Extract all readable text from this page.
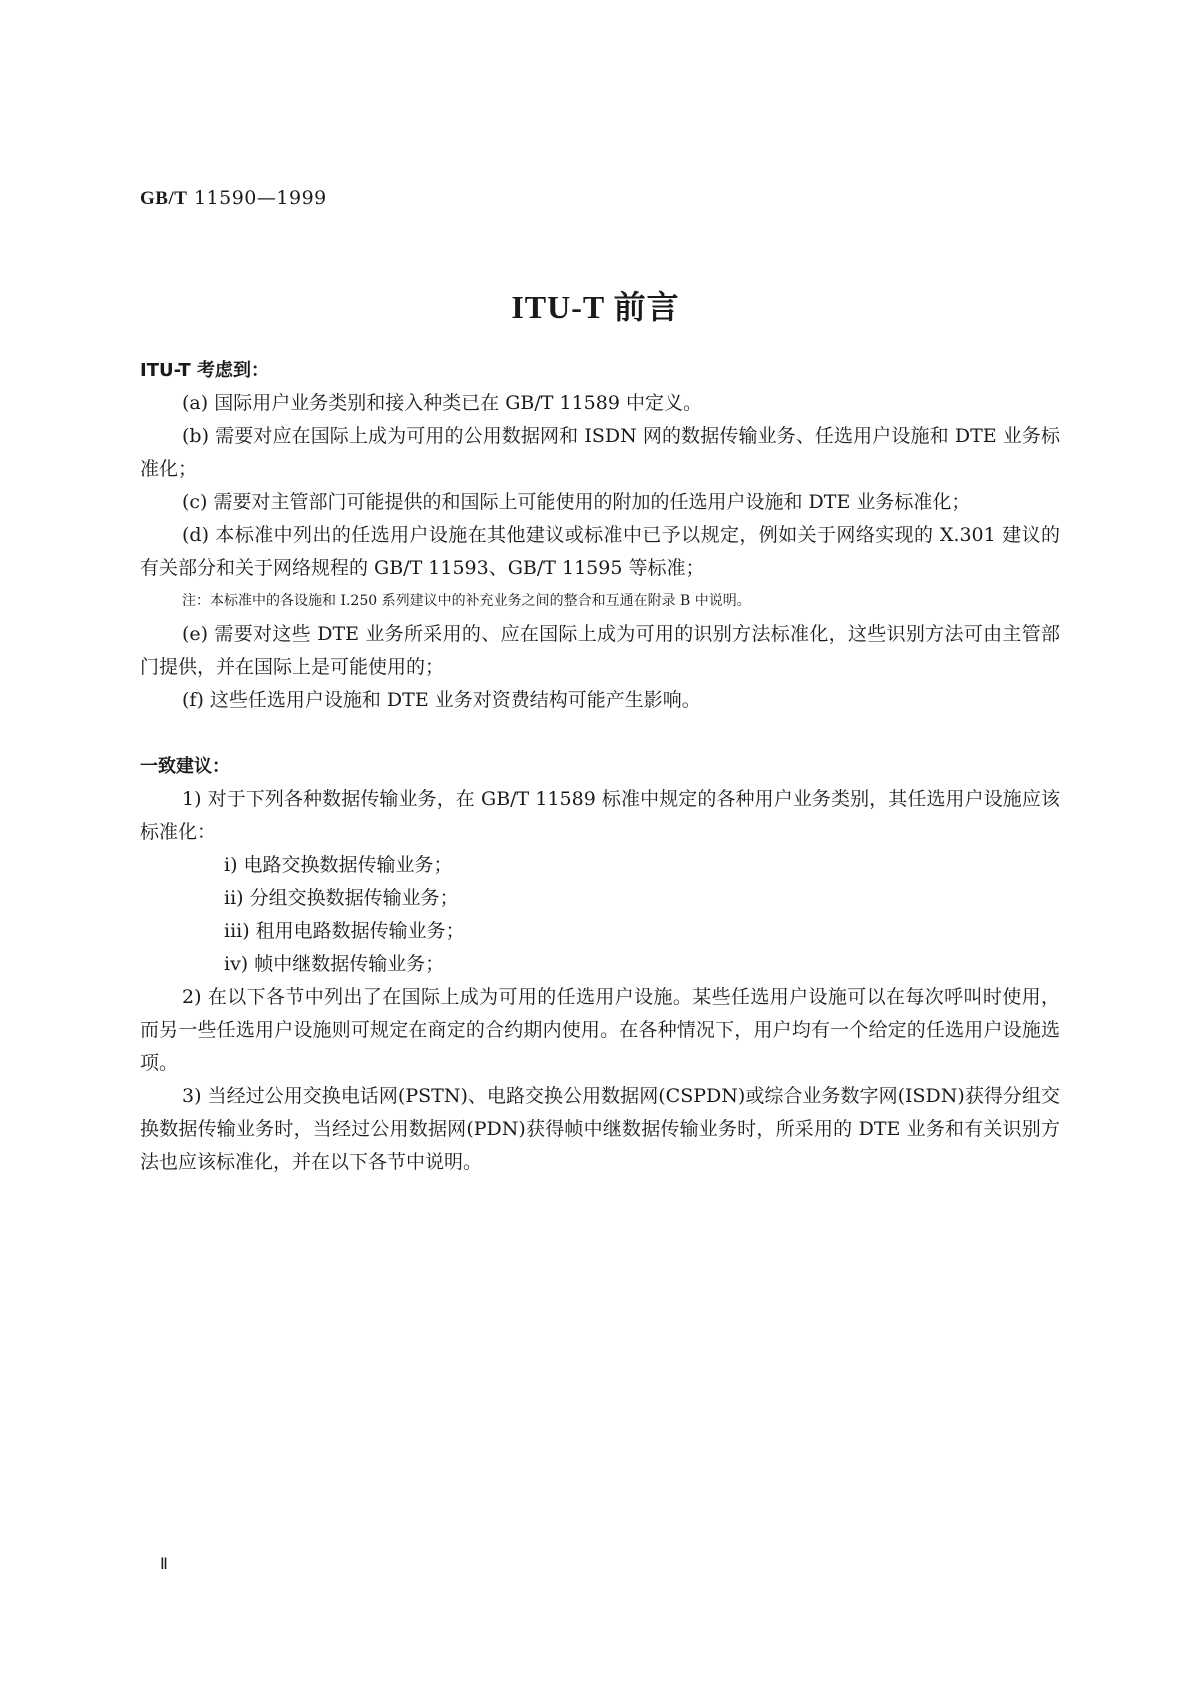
GB/T 11590—1999
ITU-T 前言

ITU-T 考虑到：

(a) 国际用户业务类别和接入种类已在 GB/T 11589 中定义。

(b) 需要对应在国际上成为可用的公用数据网和 ISDN 网的数据传输业务、任选用户设施和 DTE 业务标准化；

(c) 需要对主管部门可能提供的和国际上可能使用的附加的任选用户设施和 DTE 业务标准化；

(d) 本标准中列出的任选用户设施在其他建议或标准中已予以规定，例如关于网络实现的 X.301 建议的有关部分和关于网络规程的 GB/T 11593、GB/T 11595 等标准；

注：本标准中的各设施和 I.250 系列建议中的补充业务之间的整合和互通在附录 B 中说明。

(e) 需要对这些 DTE 业务所采用的、应在国际上成为可用的识别方法标准化，这些识别方法可由主管部门提供，并在国际上是可能使用的；

(f) 这些任选用户设施和 DTE 业务对资费结构可能产生影响。

一致建议：

1) 对于下列各种数据传输业务，在 GB/T 11589 标准中规定的各种用户业务类别，其任选用户设施应该标准化：

i) 电路交换数据传输业务；

ii) 分组交换数据传输业务；

iii) 租用电路数据传输业务；

iv) 帧中继数据传输业务；

2) 在以下各节中列出了在国际上成为可用的任选用户设施。某些任选用户设施可以在每次呼叫时使用，而另一些任选用户设施则可规定在商定的合约期内使用。在各种情况下，用户均有一个给定的任选用户设施选项。

3) 当经过公用交换电话网(PSTN)、电路交换公用数据网(CSPDN)或综合业务数字网(ISDN)获得分组交换数据传输业务时，当经过公用数据网(PDN)获得帧中继数据传输业务时，所采用的 DTE 业务和有关识别方法也应该标准化，并在以下各节中说明。

Ⅱ
